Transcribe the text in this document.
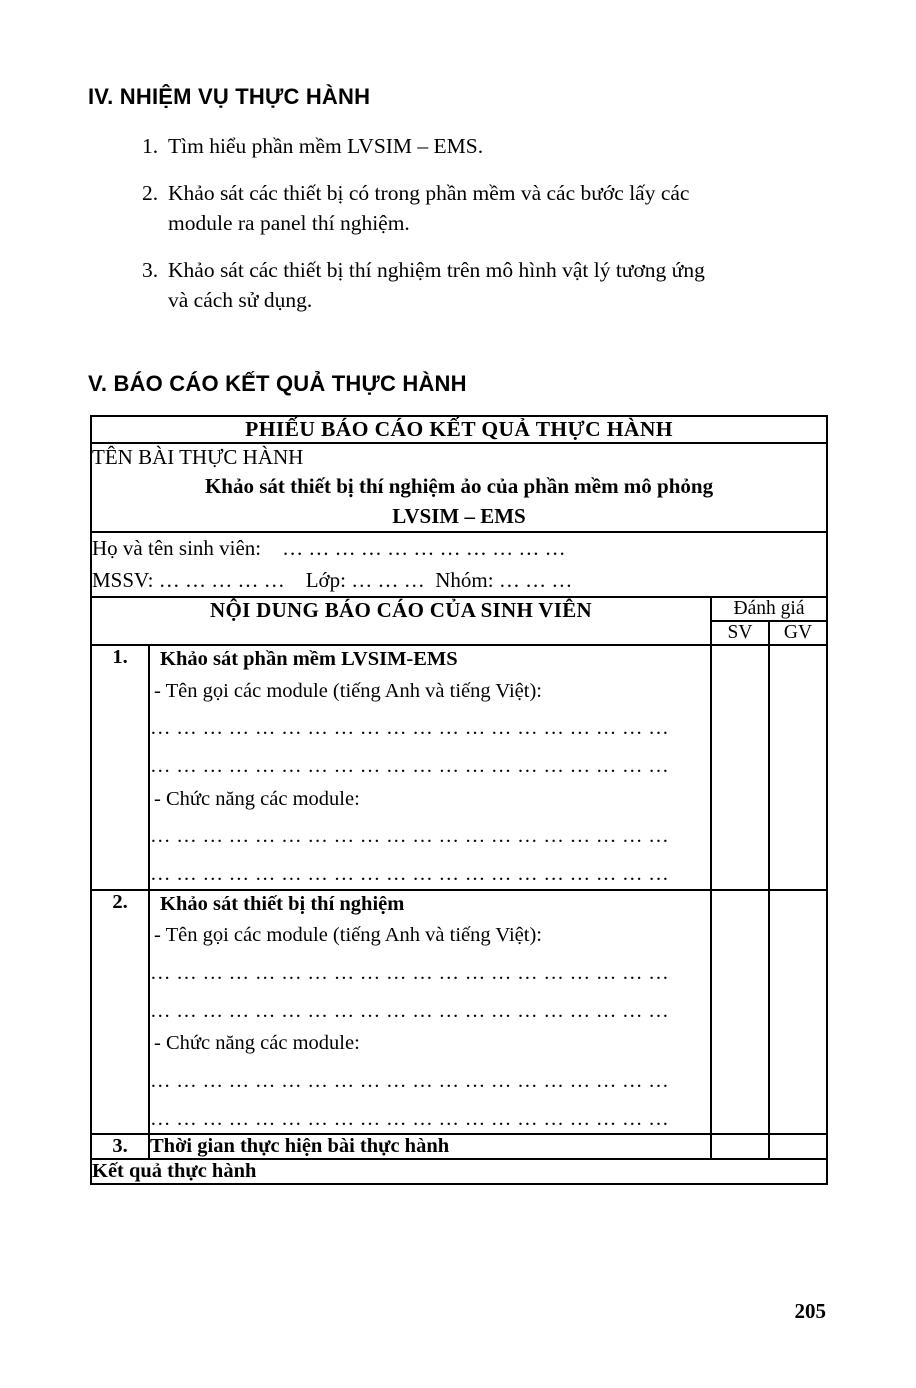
IV. NHIỆM VỤ THỰC HÀNH
1. Tìm hiểu phần mềm LVSIM – EMS.
2. Khảo sát các thiết bị có trong phần mềm và các bước lấy các
module ra panel thí nghiệm.
3. Khảo sát các thiết bị thí nghiệm trên mô hình vật lý tương ứng
và cách sử dụng.
V. BÁO CÁO KẾT QUẢ THỰC HÀNH
PHIẾU BÁO CÁO KẾT QUẢ THỰC HÀNH			

TÊN BÀI THỰC HÀNH
Khảo sát thiết bị thí nghiệm ảo của phần mềm mô phỏng
LVSIM – EMS			

Họ và tên sinh viên:    … … … … … … … … … … …
MSSV: … … … … …    Lớp: … … …  Nhóm: … … …			

NỘI DUNG BÁO CÁO CỦA SINH VIÊN		Đánh giá	
		SV	GV
1.	Khảo sát phần mềm LVSIM-EMS
- Tên gọi các module (tiếng Anh và tiếng Việt):
… … … … … … … … … … … … … … … … … … … …
… … … … … … … … … … … … … … … … … … … …
- Chức năng các module:
… … … … … … … … … … … … … … … … … … … …
… … … … … … … … … … … … … … … … … … … …

2.	Khảo sát thiết bị thí nghiệm
- Tên gọi các module (tiếng Anh và tiếng Việt):
… … … … … … … … … … … … … … … … … … … …
… … … … … … … … … … … … … … … … … … … …
- Chức năng các module:
… … … … … … … … … … … … … … … … … … … …
… … … … … … … … … … … … … … … … … … … …

3.	Thời gian thực hiện bài thực hành		
Kết quả thực hành			
205
